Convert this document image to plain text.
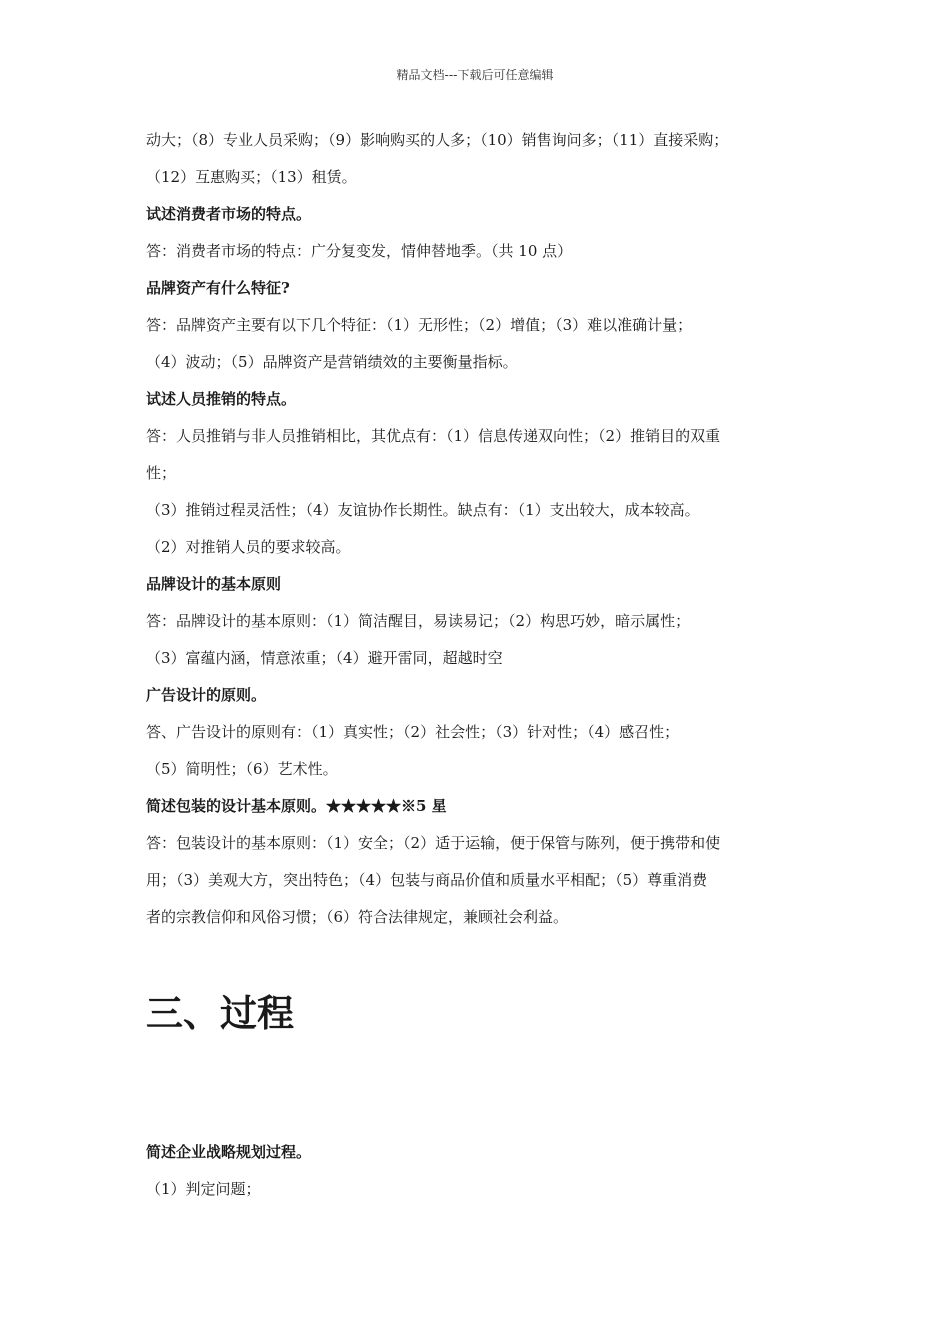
精品文档---下载后可任意编辑
动大；（8）专业人员采购；（9）影响购买的人多；（10）销售询问多；（11）直接采购；
（12）互惠购买；（13）租赁。
试述消费者市场的特点。
答：消费者市场的特点：广分复变发，情伸替地季。（共 10 点）
品牌资产有什么特征?
答：品牌资产主要有以下几个特征：（1）无形性；（2）增值；（3）难以准确计量；
（4）波动；（5）品牌资产是营销绩效的主要衡量指标。
试述人员推销的特点。
答：人员推销与非人员推销相比，其优点有：（1）信息传递双向性；（2）推销目的双重
性；
（3）推销过程灵活性；（4）友谊协作长期性。缺点有：（1）支出较大，成本较高。
（2）对推销人员的要求较高。
品牌设计的基本原则
答：品牌设计的基本原则：（1）简洁醒目，易读易记；（2）构思巧妙，暗示属性；
（3）富蕴内涵，情意浓重；（4）避开雷同，超越时空
广告设计的原则。
答、广告设计的原则有：（1）真实性；（2）社会性；（3）针对性；（4）感召性；
（5）简明性；（6）艺术性。
简述包装的设计基本原则。★★★★★※5 星
答：包装设计的基本原则：（1）安全；（2）适于运输，便于保管与陈列，便于携带和使
用；（3）美观大方，突出特色；（4）包装与商品价值和质量水平相配；（5）尊重消费
者的宗教信仰和风俗习惯；（6）符合法律规定，兼顾社会利益。
三、过程
简述企业战略规划过程。
（1）判定问题；
